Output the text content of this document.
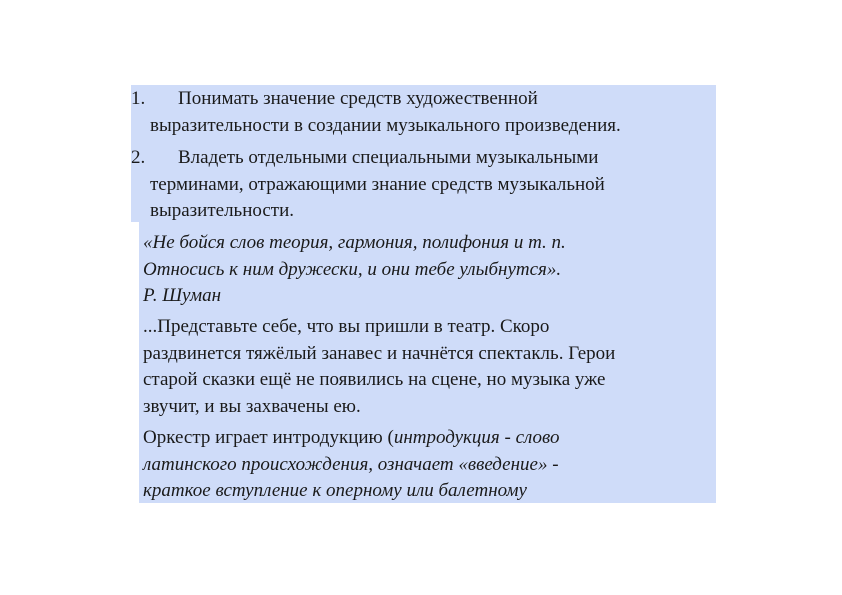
1. Понимать значение средств художественной
выразительности в создании музыкального произведения.
2. Владеть отдельными специальными музыкальными
терминами, отражающими знание средств музыкальной
выразительности.
«Не бойся слов теория, гармония, полифония и т. п.
Относись к ним дружески, и они тебе улыбнутся».
Р. Шуман
...Представьте себе, что вы пришли в театр. Скоро
раздвинется тяжёлый занавес и начнётся спектакль. Герои
старой сказки ещё не появились на сцене, но музыка уже
звучит, и вы захвачены ею.
Оркестр играет интродукцию (интродукция - слово
латинского происхождения, означает «введение» -
краткое вступление к оперному или балетному
